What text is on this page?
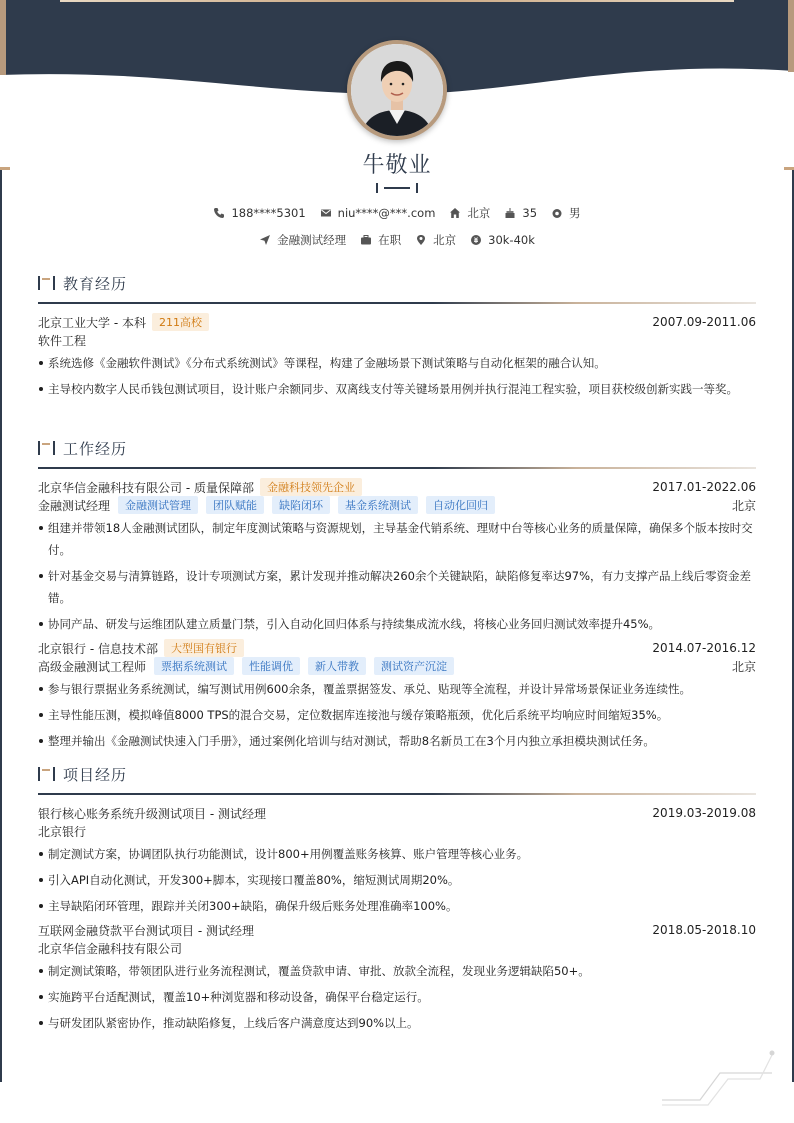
牛敬业
188****5301	niu****@***.com	北京	35	男
金融测试经理	在职	北京	30k-40k
教育经历
北京工业大学 - 本科	211高校	2007.09-2011.06
软件工程
系统选修《金融软件测试》《分布式系统测试》等课程，构建了金融场景下测试策略与自动化框架的融合认知。
主导校内数字人民币钱包测试项目，设计账户余额同步、双离线支付等关键场景用例并执行混沌工程实验，项目获校级创新实践一等奖。
工作经历
北京华信金融科技有限公司 - 质量保障部	金融科技领先企业	2017.01-2022.06
金融测试经理	金融测试管理	团队赋能	缺陷闭环	基金系统测试	自动化回归	北京
组建并带领18人金融测试团队，制定年度测试策略与资源规划，主导基金代销系统、理财中台等核心业务的质量保障，确保多个版本按时交付。
针对基金交易与清算链路，设计专项测试方案，累计发现并推动解决260余个关键缺陷，缺陷修复率达97%，有力支撑产品上线后零资金差错。
协同产品、研发与运维团队建立质量门禁，引入自动化回归体系与持续集成流水线，将核心业务回归测试效率提升45%。
北京银行 - 信息技术部	大型国有银行	2014.07-2016.12
高级金融测试工程师	票据系统测试	性能调优	新人带教	测试资产沉淀	北京
参与银行票据业务系统测试，编写测试用例600余条，覆盖票据签发、承兑、贴现等全流程，并设计异常场景保证业务连续性。
主导性能压测，模拟峰值8000 TPS的混合交易，定位数据库连接池与缓存策略瓶颈，优化后系统平均响应时间缩短35%。
整理并输出《金融测试快速入门手册》，通过案例化培训与结对测试，帮助8名新员工在3个月内独立承担模块测试任务。
项目经历
银行核心账务系统升级测试项目 - 测试经理	2019.03-2019.08
北京银行
制定测试方案，协调团队执行功能测试，设计800+用例覆盖账务核算、账户管理等核心业务。
引入API自动化测试，开发300+脚本，实现接口覆盖80%，缩短测试周期20%。
主导缺陷闭环管理，跟踪并关闭300+缺陷，确保升级后账务处理准确率100%。
互联网金融贷款平台测试项目 - 测试经理	2018.05-2018.10
北京华信金融科技有限公司
制定测试策略，带领团队进行业务流程测试，覆盖贷款申请、审批、放款全流程，发现业务逻辑缺陷50+。
实施跨平台适配测试，覆盖10+种浏览器和移动设备，确保平台稳定运行。
与研发团队紧密协作，推动缺陷修复，上线后客户满意度达到90%以上。
